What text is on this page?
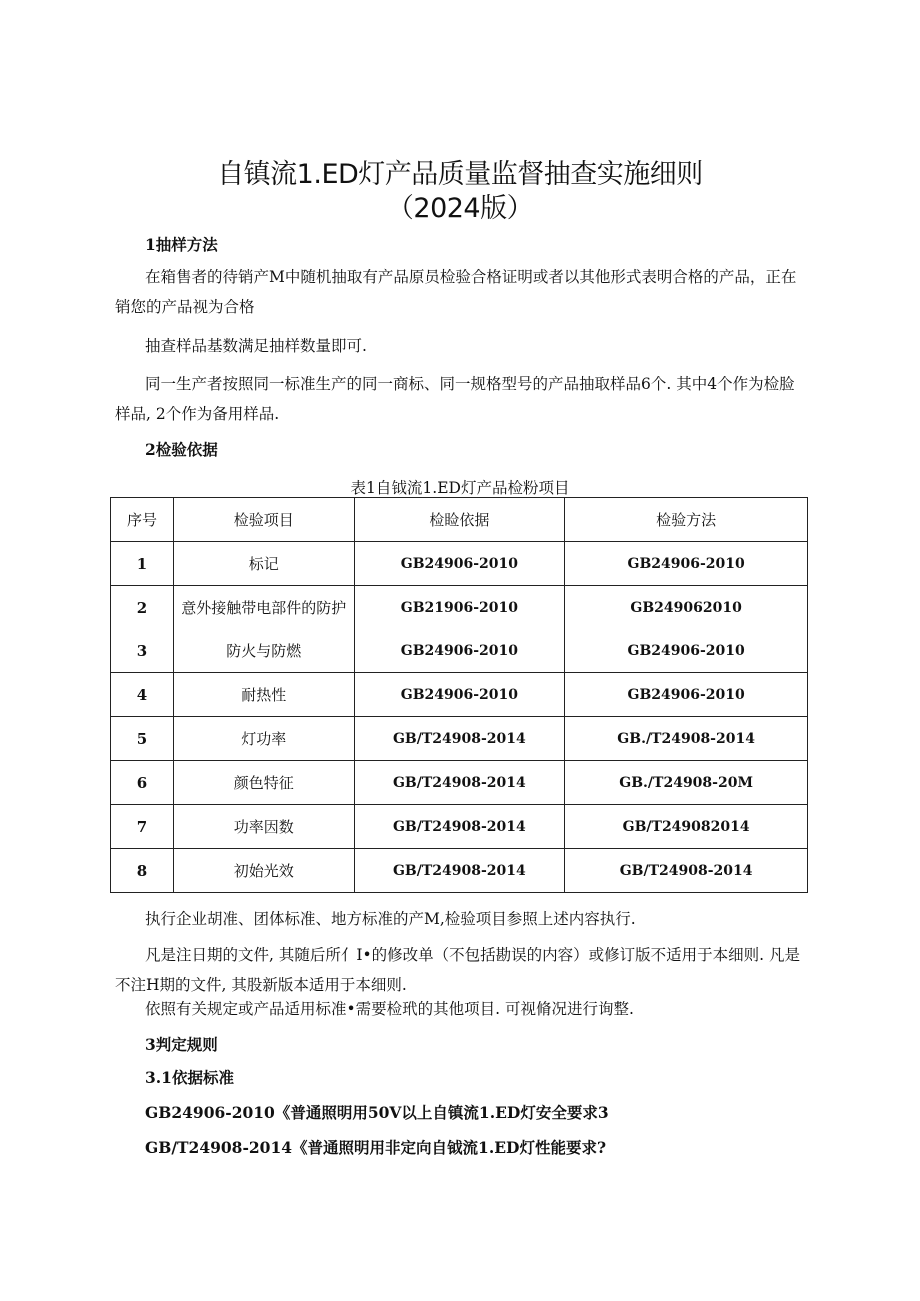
自镇流1.ED灯产品质量监督抽查实施细则
（2024版）

1抽样方法

在箱售者的待销产M中随机抽取有产品原员检验合格证明或者以其他形式表明合格的产品，正在销您的产品视为合格

抽查样品基数满足抽样数量即可.

同一生产者按照同一标准生产的同一商标、同一规格型号的产品抽取样品6个. 其中4个作为检脸样品, 2个作为备用样品.

2检验依据

表1自钺流1.ED灯产品检粉项目
序号	检验项目	检睑依据	检验方法
1	标记	GB24906-2010	GB24906-2010
2	意外接触带电部件的防护	GB21906-2010	GB249062010
3	防火与防燃	GB24906-2010	GB24906-2010
4	耐热性	GB24906-2010	GB24906-2010
5	灯功率	GB/T24908-2014	GB./T24908-2014
6	颜色特征	GB/T24908-2014	GB./T24908-20M
7	功率因数	GB/T24908-2014	GB/T249082014
8	初始光效	GB/T24908-2014	GB/T24908-2014

执行企业胡准、团体标准、地方标准的产M,检验项目参照上述内容执行.

凡是注日期的文件, 其随后所亻I•的修改单（不包括勘误的内容）或修订版不适用于本细则. 凡是不注H期的文件, 其股新版本适用于本细则.

依照有关规定或产品适用标准•需要检玳的其他项目. 可视脩况进行询整.

3判定规则

3.1依据标准

GB24906-2010《普通照明用50V以上自镇流1.ED灯安全要求3

GB/T24908-2014《普通照明用非定向自钺流1.ED灯性能要求?
